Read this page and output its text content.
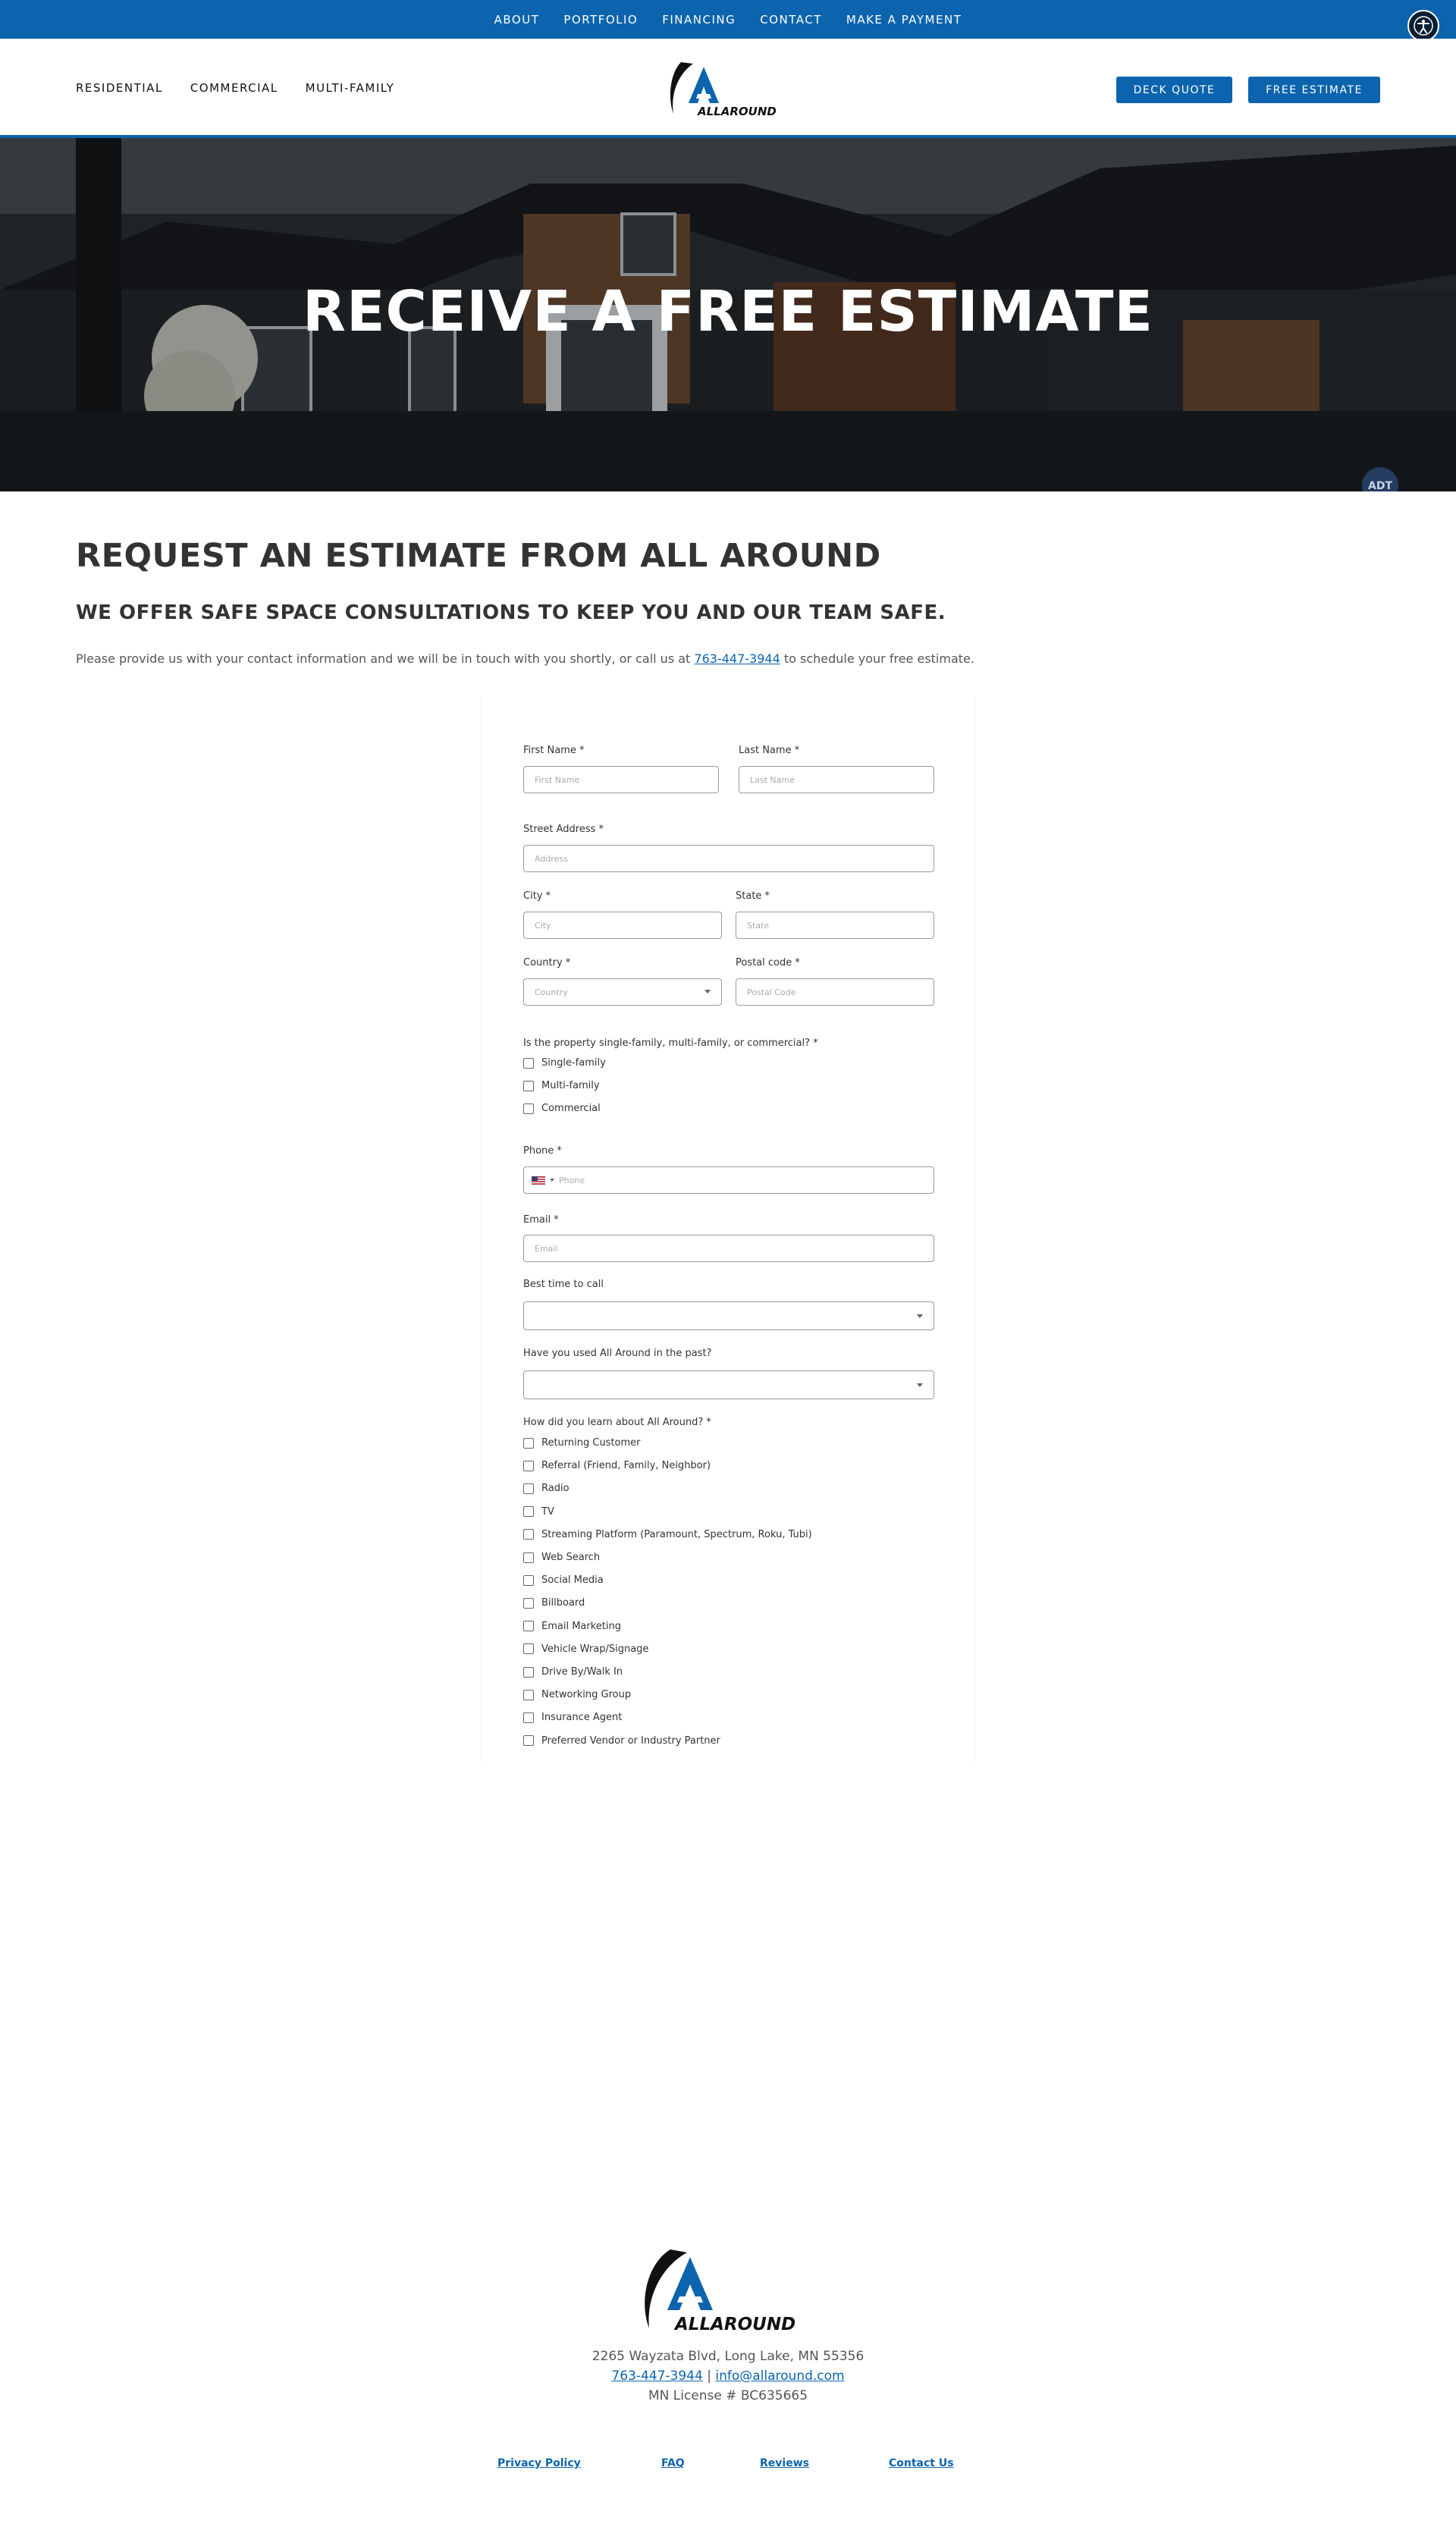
ABOUT PORTFOLIO FINANCING CONTACT MAKE A PAYMENT
RESIDENTIAL COMMERCIAL MULTI-FAMILY
ALLAROUND
DECK QUOTE	FREE ESTIMATE
RECEIVE A FREE ESTIMATE
ADT
REQUEST AN ESTIMATE FROM ALL AROUND
WE OFFER SAFE SPACE CONSULTATIONS TO KEEP YOU AND OUR TEAM SAFE.
Please provide us with your contact information and we will be in touch with you shortly, or call us at 763-447-3944 to schedule your free estimate.
First Name *
First Name
Last Name *
Last Name
Street Address *
Address
City *
City
State *
State
Country *
Country
Postal code *
Postal Code
Is the property single-family, multi-family, or commercial? *
Single-family
Multi-family
Commercial
Phone *
Phone
Email *
Email
Best time to call
Have you used All Around in the past?
How did you learn about All Around? *
Returning Customer
Referral (Friend, Family, Neighbor)
Radio
TV
Streaming Platform (Paramount, Spectrum, Roku, Tubi)
Web Search
Social Media
Billboard
Email Marketing
Vehicle Wrap/Signage
Drive By/Walk In
Networking Group
Insurance Agent
Preferred Vendor or Industry Partner
ALLAROUND
2265 Wayzata Blvd, Long Lake, MN 55356
763-447-3944 | info@allaround.com
MN License # BC635665
Privacy Policy	FAQ	Reviews	Contact Us
